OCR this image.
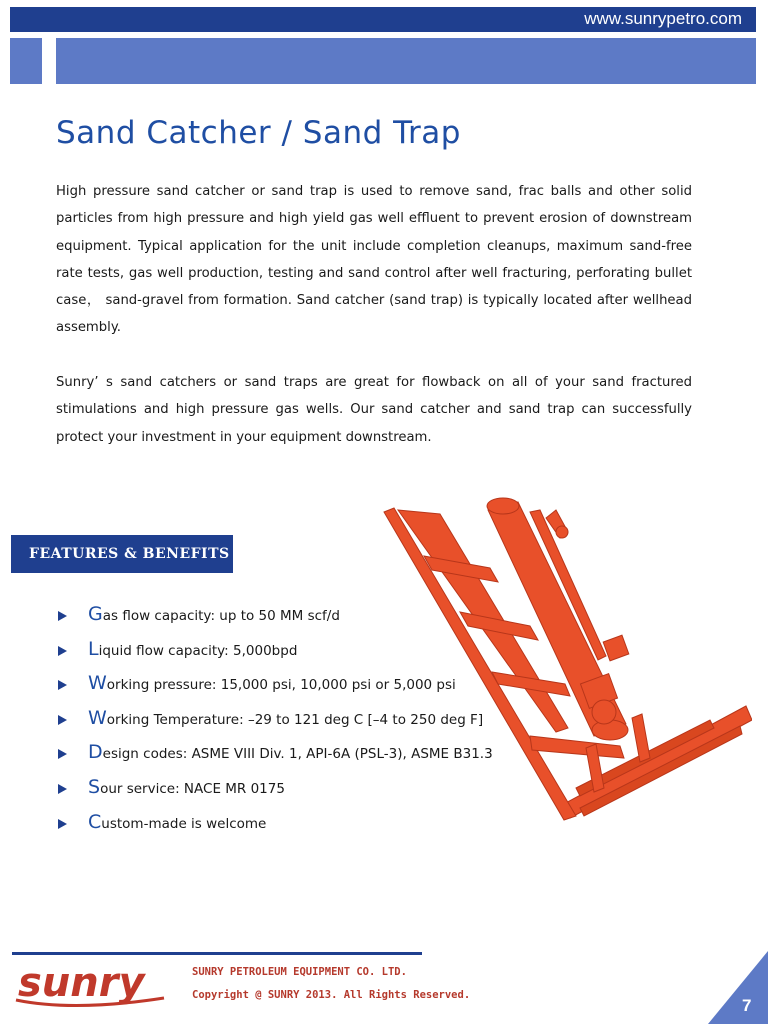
www.sunrypetro.com
Sand Catcher / Sand Trap

High pressure sand catcher or sand trap is used to remove sand, frac balls and other solid particles from high pressure and high yield gas well effluent to prevent erosion of downstream equipment. Typical application for the unit include completion cleanups, maximum sand-free rate tests, gas well production, testing and sand control after well fracturing, perforating bullet case， sand-gravel from formation. Sand catcher (sand trap) is typically located after wellhead assembly.

Sunry’ s sand catchers or sand traps are great for flowback on all of your sand fractured stimulations and high pressure gas wells. Our sand catcher and sand trap can successfully protect your investment in your equipment downstream.

FEATURES & BENEFITS
Gas flow capacity: up to 50 MM scf/d
Liquid flow capacity: 5,000bpd
Working pressure: 15,000 psi, 10,000 psi or 5,000 psi
Working Temperature: –29 to 121 deg C [–4 to 250 deg F]
Design codes: ASME VIII Div. 1, API-6A (PSL-3), ASME B31.3
Sour service: NACE MR 0175
Custom-made is welcome
sunry	SUNRY PETROLEUM EQUIPMENT CO. LTD.
Copyright @ SUNRY 2013. All Rights Reserved.
7
